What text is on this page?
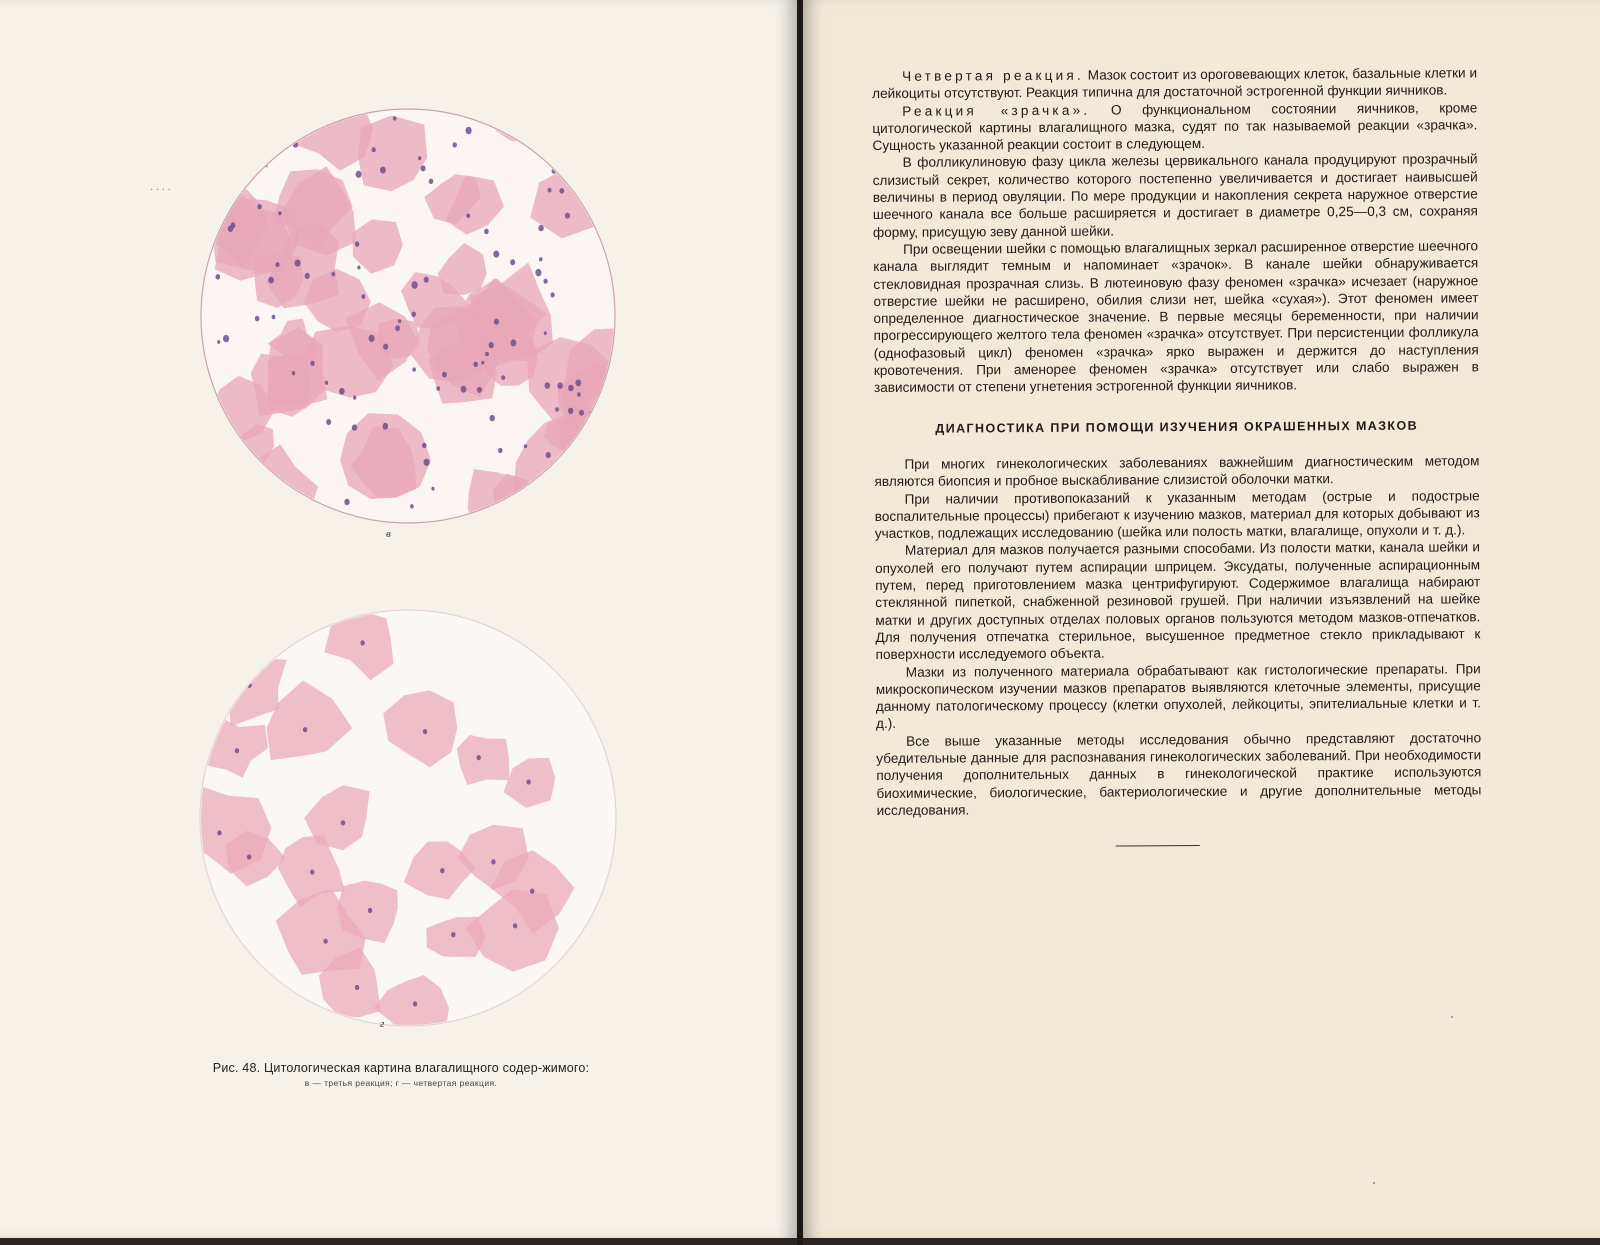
· · · ·
в
г
Рис. 48. Цитологическая картина влагалищного содер-жимого:
в — третья реакция; г — четвертая реакция.

Четвертая реакция. Мазок состоит из ороговевающих клеток, базальные клетки и лейкоциты отсутствуют. Реакция типична для достаточной эстрогенной функции яичников.

Реакция «зрачка». О функциональном состоянии яичников, кроме цитологической картины влагалищного мазка, судят по так называемой реакции «зрачка». Сущность указанной реакции состоит в следующем.

В фолликулиновую фазу цикла железы цервикального канала продуцируют прозрачный слизистый секрет, количество которого постепенно увеличивается и достигает наивысшей величины в период овуляции. По мере продукции и накопления секрета наружное отверстие шеечного канала все больше расширяется и достигает в диаметре 0,25—0,3 см, сохраняя форму, присущую зеву данной шейки.

При освещении шейки с помощью влагалищных зеркал расширенное отверстие шеечного канала выглядит темным и напоминает «зрачок». В канале шейки обнаруживается стекловидная прозрачная слизь. В лютеиновую фазу феномен «зрачка» исчезает (наружное отверстие шейки не расширено, обилия слизи нет, шейка «сухая»). Этот феномен имеет определенное диагностическое значение. В первые месяцы беременности, при наличии прогрессирующего желтого тела феномен «зрачка» отсутствует. При персистенции фолликула (однофазовый цикл) феномен «зрачка» ярко выражен и держится до наступления кровотечения. При аменорее феномен «зрачка» отсутствует или слабо выражен в зависимости от степени угнетения эстрогенной функции яичников.

ДИАГНОСТИКА ПРИ ПОМОЩИ ИЗУЧЕНИЯ ОКРАШЕННЫХ МАЗКОВ

При многих гинекологических заболеваниях важнейшим диагностическим методом являются биопсия и пробное выскабливание слизистой оболочки матки.

При наличии противопоказаний к указанным методам (острые и подострые воспалительные процессы) прибегают к изучению мазков, материал для которых добывают из участков, подлежащих исследованию (шейка или полость матки, влагалище, опухоли и т. д.).

Материал для мазков получается разными способами. Из полости матки, канала шейки и опухолей его получают путем аспирации шприцем. Эксудаты, полученные аспирационным путем, перед приготовлением мазка центрифугируют. Содержимое влагалища набирают стеклянной пипеткой, снабженной резиновой грушей. При наличии изъязвлений на шейке матки и других доступных отделах половых органов пользуются методом мазков-отпечатков. Для получения отпечатка стерильное, высушенное предметное стекло прикладывают к поверхности исследуемого объекта.

Мазки из полученного материала обрабатывают как гистологические препараты. При микроскопическом изучении мазков препаратов выявляются клеточные элементы, присущие данному патологическому процессу (клетки опухолей, лейкоциты, эпителиальные клетки и т. д.).

Все выше указанные методы исследования обычно представляют достаточно убедительные данные для распознавания гинекологических заболеваний. При необходимости получения дополнительных данных в гинекологической практике используются биохимические, биологические, бактериологические и другие дополнительные методы исследования.
